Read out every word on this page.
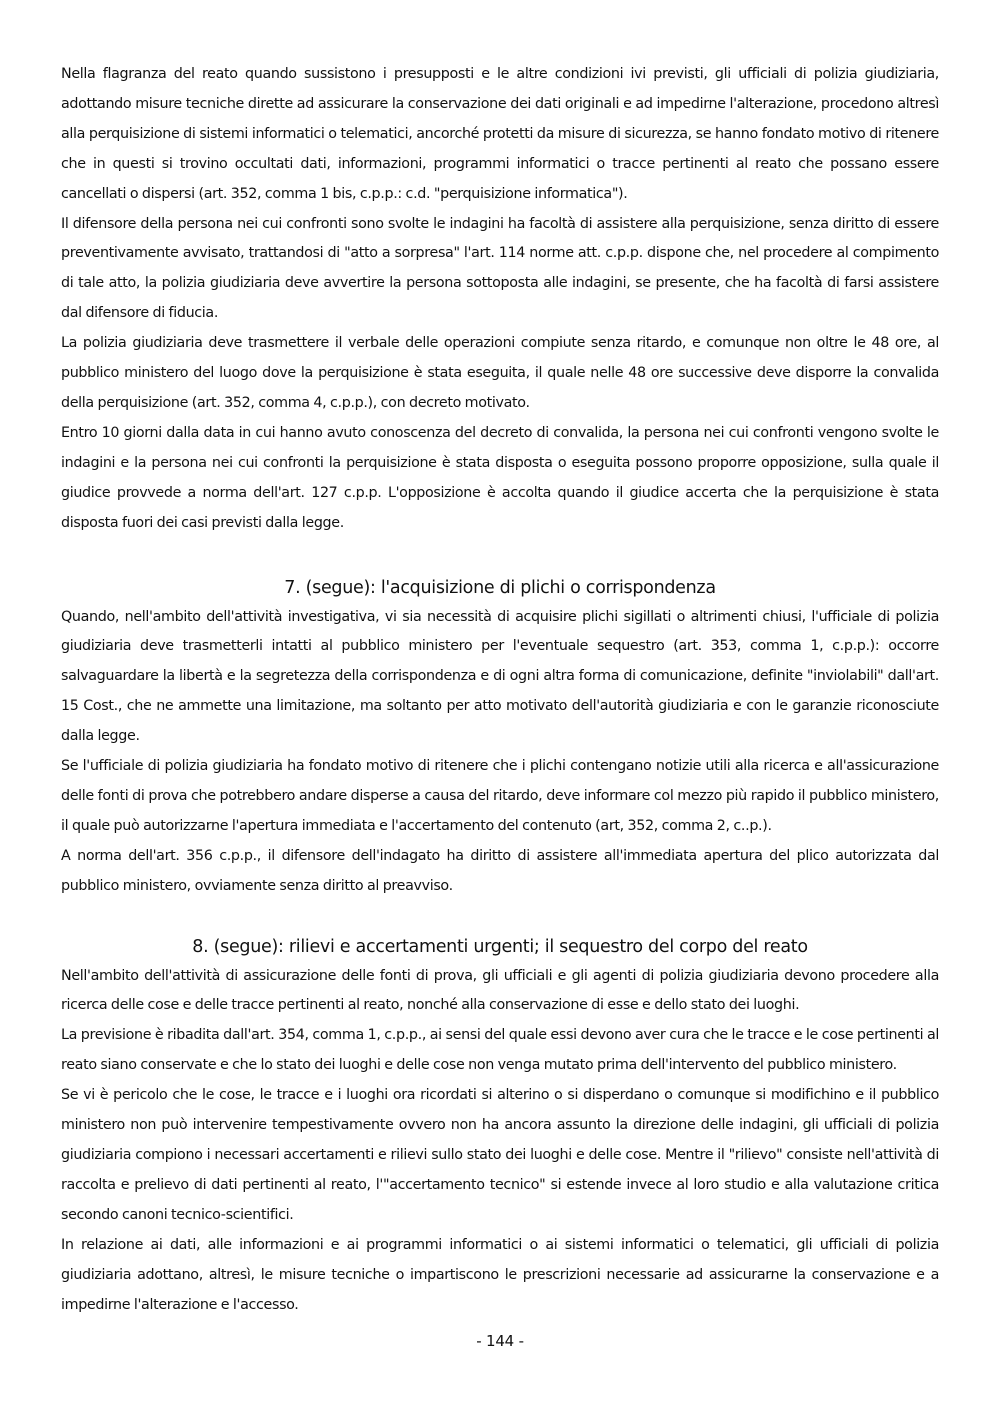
Nella flagranza del reato quando sussistono i presupposti e le altre condizioni ivi previsti, gli ufficiali di polizia giudiziaria, adottando misure tecniche dirette ad assicurare la conservazione dei dati originali e ad impedirne l'alterazione, procedono altresì alla perquisizione di sistemi informatici o telematici, ancorché protetti da misure di sicurezza, se hanno fondato motivo di ritenere che in questi si trovino occultati dati, informazioni, programmi informatici o tracce pertinenti al reato che possano essere cancellati o dispersi (art. 352, comma 1 bis, c.p.p.: c.d. "perquisizione informatica").

Il difensore della persona nei cui confronti sono svolte le indagini ha facoltà di assistere alla perquisizione, senza diritto di essere preventivamente avvisato, trattandosi di "atto a sorpresa" l'art. 114 norme att. c.p.p. dispone che, nel procedere al compimento di tale atto, la polizia giudiziaria deve avvertire la persona sottoposta alle indagini, se presente, che ha facoltà di farsi assistere dal difensore di fiducia.

La polizia giudiziaria deve trasmettere il verbale delle operazioni compiute senza ritardo, e comunque non oltre le 48 ore, al pubblico ministero del luogo dove la perquisizione è stata eseguita, il quale nelle 48 ore successive deve disporre la convalida della perquisizione (art. 352, comma 4, c.p.p.), con decreto motivato.

Entro 10 giorni dalla data in cui hanno avuto conoscenza del decreto di convalida, la persona nei cui confronti vengono svolte le indagini e la persona nei cui confronti la perquisizione è stata disposta o eseguita possono proporre opposizione, sulla quale il giudice provvede a norma dell'art. 127 c.p.p. L'opposizione è accolta quando il giudice accerta che la perquisizione è stata disposta fuori dei casi previsti dalla legge.

7. (segue): l'acquisizione di plichi o corrispondenza

Quando, nell'ambito dell'attività investigativa, vi sia necessità di acquisire plichi sigillati o altrimenti chiusi, l'ufficiale di polizia giudiziaria deve trasmetterli intatti al pubblico ministero per l'eventuale sequestro (art. 353, comma 1, c.p.p.): occorre salvaguardare la libertà e la segretezza della corrispondenza e di ogni altra forma di comunicazione, definite "inviolabili" dall'art. 15 Cost., che ne ammette una limitazione, ma soltanto per atto motivato dell'autorità giudiziaria e con le garanzie riconosciute dalla legge.

Se l'ufficiale di polizia giudiziaria ha fondato motivo di ritenere che i plichi contengano notizie utili alla ricerca e all'assicurazione delle fonti di prova che potrebbero andare disperse a causa del ritardo, deve informare col mezzo più rapido il pubblico ministero, il quale può autorizzarne l'apertura immediata e l'accertamento del contenuto (art, 352, comma 2, c..p.).

A norma dell'art. 356 c.p.p., il difensore dell'indagato ha diritto di assistere all'immediata apertura del plico autorizzata dal pubblico ministero, ovviamente senza diritto al preavviso.

8. (segue): rilievi e accertamenti urgenti; il sequestro del corpo del reato

Nell'ambito dell'attività di assicurazione delle fonti di prova, gli ufficiali e gli agenti di polizia giudiziaria devono procedere alla ricerca delle cose e delle tracce pertinenti al reato, nonché alla conservazione di esse e dello stato dei luoghi.

La previsione è ribadita dall'art. 354, comma 1, c.p.p., ai sensi del quale essi devono aver cura che le tracce e le cose pertinenti al reato siano conservate e che lo stato dei luoghi e delle cose non venga mutato prima dell'intervento del pubblico ministero.

Se vi è pericolo che le cose, le tracce e i luoghi ora ricordati si alterino o si disperdano o comunque si modifichino e il pubblico ministero non può intervenire tempestivamente ovvero non ha ancora assunto la direzione delle indagini, gli ufficiali di polizia giudiziaria compiono i necessari accertamenti e rilievi sullo stato dei luoghi e delle cose. Mentre il "rilievo" consiste nell'attività di raccolta e prelievo di dati pertinenti al reato, l'"accertamento tecnico" si estende invece al loro studio e alla valutazione critica secondo canoni tecnico-scientifici.

In relazione ai dati, alle informazioni e ai programmi informatici o ai sistemi informatici o telematici, gli ufficiali di polizia giudiziaria adottano, altresì, le misure tecniche o impartiscono le prescrizioni necessarie ad assicurarne la conservazione e a impedirne l'alterazione e l'accesso.

- 144 -
